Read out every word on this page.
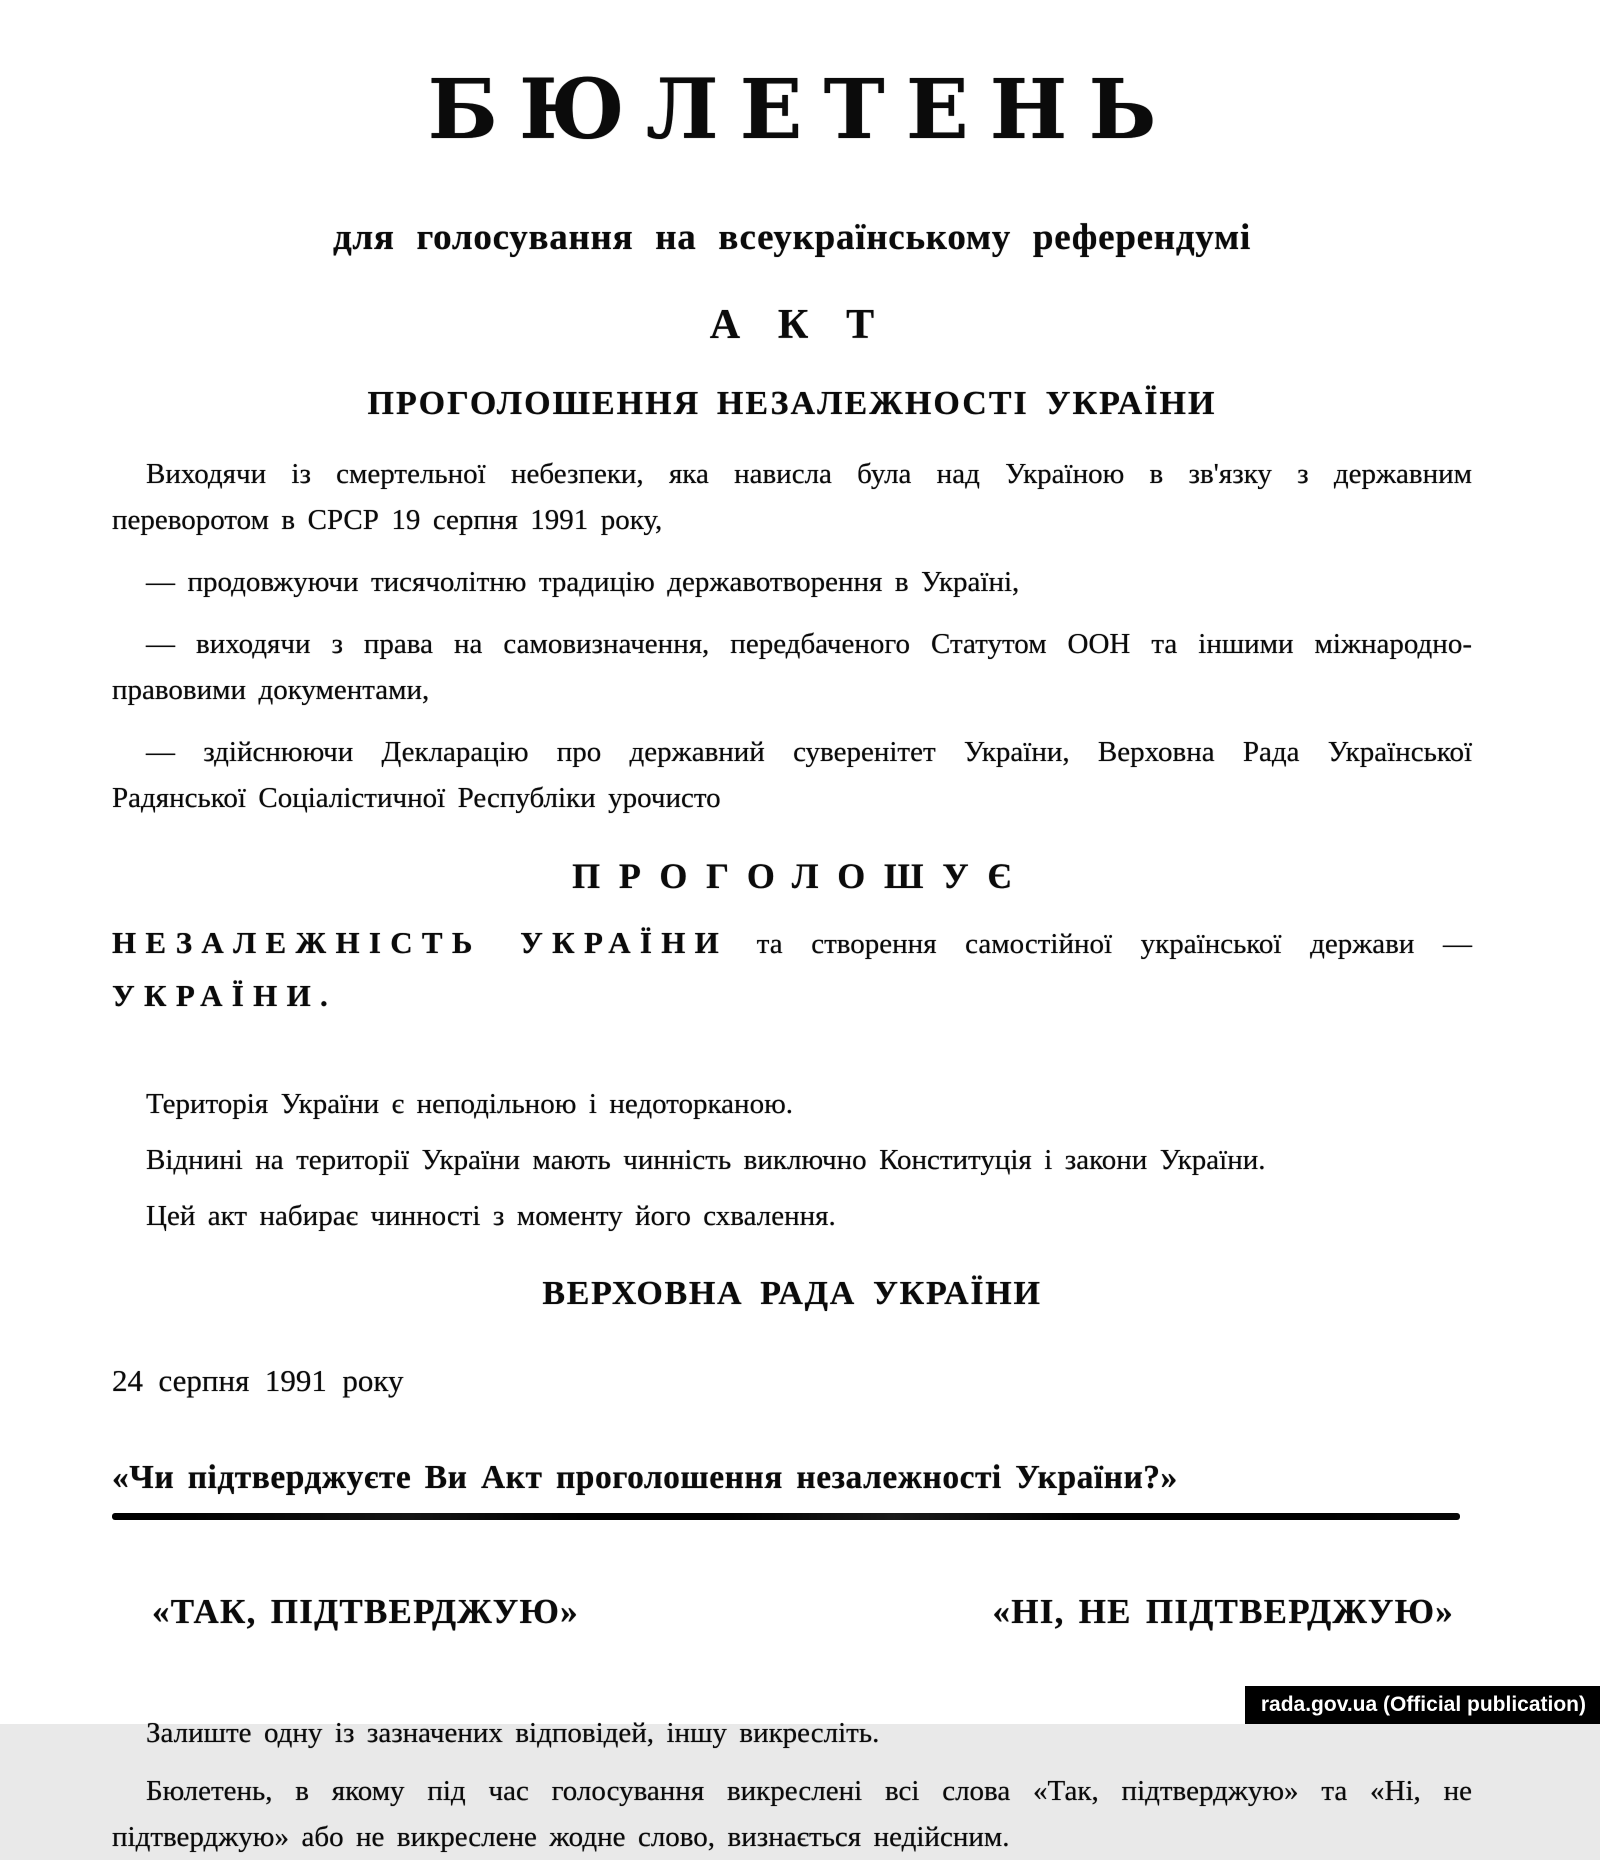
БЮЛЕТЕНЬ

для голосування на всеукраїнському референдумі

АКТ
ПРОГОЛОШЕННЯ НЕЗАЛЕЖНОСТІ УКРАЇНИ

Виходячи із смертельної небезпеки, яка нависла була над Україною в зв'язку з державним переворотом в СРСР 19 серпня 1991 року,

— продовжуючи тисячолітню традицію державотворення в Україні,

— виходячи з права на самовизначення, передбаченого Статутом ООН та іншими міжнародно-правовими документами,

— здійснюючи Декларацію про державний суверенітет України, Верховна Рада Української Радянської Соціалістичної Республіки урочисто

ПРОГОЛОШУЄ

НЕЗАЛЕЖНІСТЬ УКРАЇНИ та створення самостійної української держави — УКРАЇНИ.

Територія України є неподільною і недоторканою.

Віднині на території України мають чинність виключно Конституція і закони України.

Цей акт набирає чинності з моменту його схвалення.

ВЕРХОВНА РАДА УКРАЇНИ

24 серпня 1991 року

«Чи підтверджуєте Ви Акт проголошення незалежності України?»

«ТАК, ПІДТВЕРДЖУЮ»	«НІ, НЕ ПІДТВЕРДЖУЮ»

Залиште одну із зазначених відповідей, іншу викресліть.

Бюлетень, в якому під час голосування викреслені всі слова «Так, підтверджую» та «Ні, не підтверджую» або не викреслене жодне слово, визнається недійсним.

rada.gov.ua (Official publication)
